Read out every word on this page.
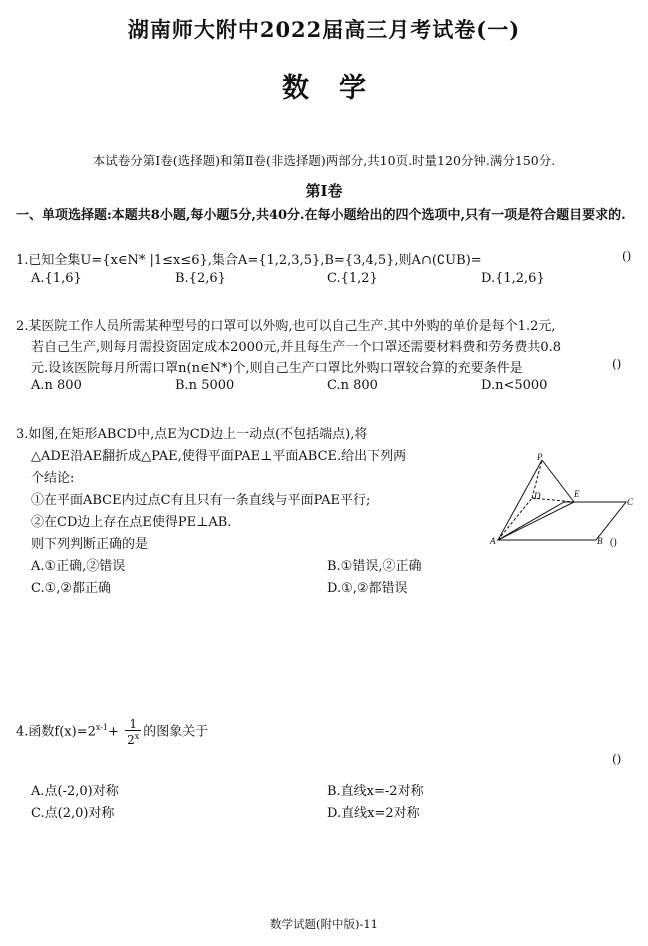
湖南师大附中2022届高三月考试卷(一)
数学
本试卷分第Ⅰ卷(选择题)和第Ⅱ卷(非选择题)两部分,共10页.时量120分钟.满分150分.
第Ⅰ卷
一、单项选择题:本题共8小题,每小题5分,共40分.在每小题给出的四个选项中,只有一项是符合题目要求的.
1.已知全集U={x∈N* |1≤x≤6},集合A={1,2,3,5},B={3,4,5},则A∩(∁UB)=	()
A.{1,6}	B.{2,6}	C.{1,2}	D.{1,2,6}
2.某医院工作人员所需某种型号的口罩可以外购,也可以自己生产.其中外购的单价是每个1.2元,
若自己生产,则每月需投资固定成本2000元,并且每生产一个口罩还需要材料费和劳务费共0.8
元.设该医院每月所需口罩n(n∈N*)个,则自己生产口罩比外购口罩较合算的充要条件是	()
A.n 800	B.n 5000	C.n 800	D.n<5000
3.如图,在矩形ABCD中,点E为CD边上一动点(不包括端点),将
△ADE沿AE翻折成△PAE,使得平面PAE⊥平面ABCE.给出下列两
个结论:
①在平面ABCE内过点C有且只有一条直线与平面PAE平行;
②在CD边上存在点E使得PE⊥AB.
则下列判断正确的是
A.①正确,②错误	B.①错误,②正确
C.①,②都正确	D.①,②都错误
P
D	E
C
A	B ()
4.函数$f(x)=2^{x-1}+ \frac{1}{2^x}$ 的图象关于
()
A.点(-2,0)对称	B.直线x=-2对称
C.点(2,0)对称	D.直线x=2对称
数学试题(附中版)-11
